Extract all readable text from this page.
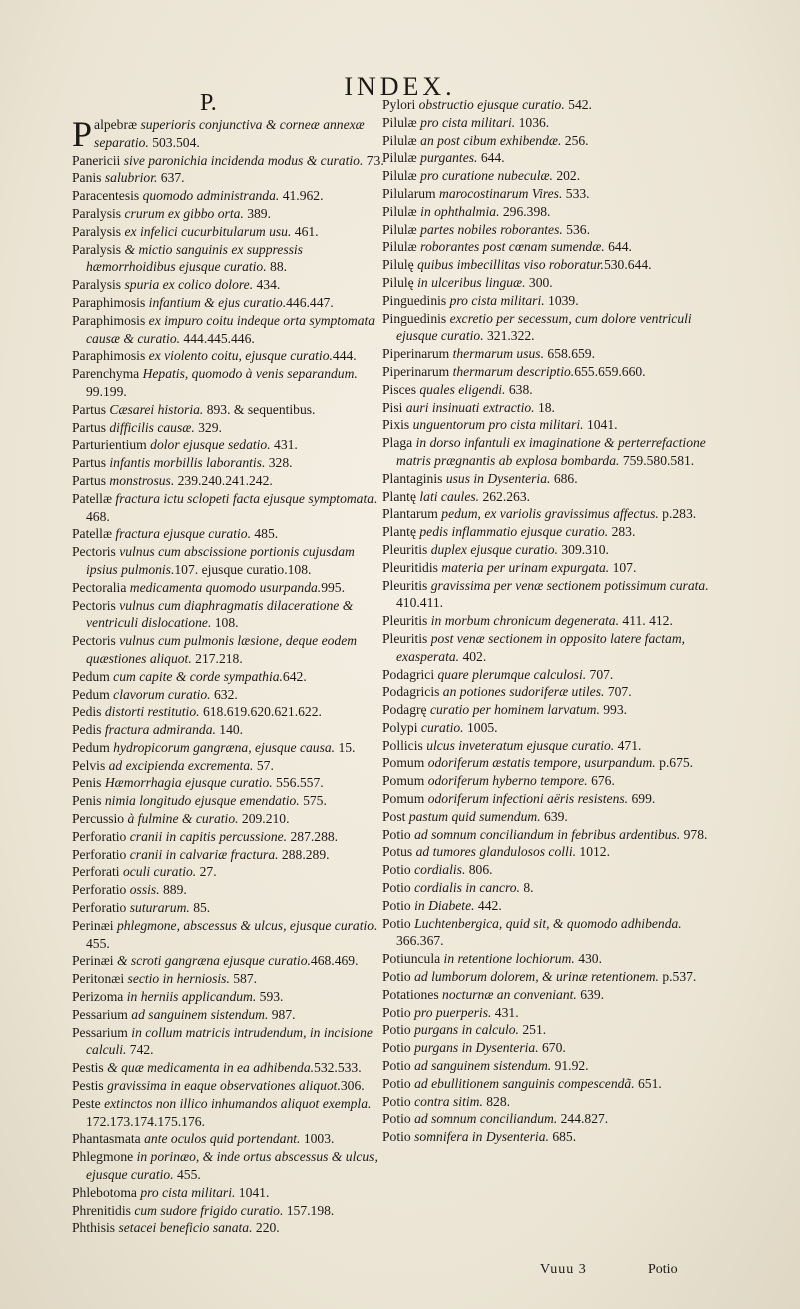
INDEX.
P.

Palpebræ superioris conjunctiva & corneæ annexæ separatio. 503.504.

Panericii sive paronichia incidenda modus & curatio. 73.

Panis salubrior. 637.

Paracentesis quomodo administranda. 41.962.

Paralysis crurum ex gibbo orta. 389.

Paralysis ex infelici cucurbitularum usu. 461.

Paralysis & mictio sanguinis ex suppressis hæmorrhoidibus ejusque curatio. 88.

Paralysis spuria ex colico dolore. 434.

Paraphimosis infantium & ejus curatio.446.447.

Paraphimosis ex impuro coitu indeque orta symptomata causæ & curatio. 444.445.446.

Paraphimosis ex violento coitu, ejusque curatio.444.

Parenchyma Hepatis, quomodo à venis separandum. 99.199.

Partus Cæsarei historia. 893. & sequentibus.

Partus difficilis causæ. 329.

Parturientium dolor ejusque sedatio. 431.

Partus infantis morbillis laborantis. 328.

Partus monstrosus. 239.240.241.242.

Patellæ fractura ictu sclopeti facta ejusque symptomata. 468.

Patellæ fractura ejusque curatio. 485.

Pectoris vulnus cum abscissione portionis cujusdam ipsius pulmonis.107. ejusque curatio.108.

Pectoralia medicamenta quomodo usurpanda.995.

Pectoris vulnus cum diaphragmatis dilaceratione & ventriculi dislocatione. 108.

Pectoris vulnus cum pulmonis læsione, deque eodem quæstiones aliquot. 217.218.

Pedum cum capite & corde sympathia.642.

Pedum clavorum curatio. 632.

Pedis distorti restitutio. 618.619.620.621.622.

Pedis fractura admiranda. 140.

Pedum hydropicorum gangræna, ejusque causa. 15.

Pelvis ad excipienda excrementa. 57.

Penis Hæmorrhagia ejusque curatio. 556.557.

Penis nimia longitudo ejusque emendatio. 575.

Percussio à fulmine & curatio. 209.210.

Perforatio cranii in capitis percussione. 287.288.

Perforatio cranii in calvariæ fractura. 288.289.

Perforati oculi curatio. 27.

Perforatio ossis. 889.

Perforatio suturarum. 85.

Perinæi phlegmone, abscessus & ulcus, ejusque curatio. 455.

Perinæi & scroti gangræna ejusque curatio.468.469.

Peritonæi sectio in herniosis. 587.

Perizoma in herniis applicandum. 593.

Pessarium ad sanguinem sistendum. 987.

Pessarium in collum matricis intrudendum, in incisione calculi. 742.

Pestis & quæ medicamenta in ea adhibenda.532.533.

Pestis gravissima in eaque observationes aliquot.306.

Peste extinctos non illico inhumandos aliquot exempla. 172.173.174.175.176.

Phantasmata ante oculos quid portendant. 1003.

Phlegmone in porinæo, & inde ortus abscessus & ulcus, ejusque curatio. 455.

Phlebotoma pro cista militari. 1041.

Phrenitidis cum sudore frigido curatio. 157.198.

Phthisis setacei beneficio sanata. 220.

Pylori obstructio ejusque curatio. 542.

Pilulæ pro cista militari. 1036.

Pilulæ an post cibum exhibendæ. 256.

Pilulæ purgantes. 644.

Pilulæ pro curatione nubeculæ. 202.

Pilularum marocostinarum Vires. 533.

Pilulæ in ophthalmia. 296.398.

Pilulæ partes nobiles roborantes. 536.

Pilulæ roborantes post cœnam sumendæ. 644.

Pilulę quibus imbecillitas viso roboratur.530.644.

Pilulę in ulceribus linguæ. 300.

Pinguedinis pro cista militari. 1039.

Pinguedinis excretio per secessum, cum dolore ventriculi ejusque curatio. 321.322.

Piperinarum thermarum usus. 658.659.

Piperinarum thermarum descriptio.655.659.660.

Pisces quales eligendi. 638.

Pisi auri insinuati extractio. 18.

Pixis unguentorum pro cista militari. 1041.

Plaga in dorso infantuli ex imaginatione & perterrefactione matris prægnantis ab explosa bombarda. 759.580.581.

Plantaginis usus in Dysenteria. 686.

Plantę lati caules. 262.263.

Plantarum pedum, ex variolis gravissimus affectus. p.283.

Plantę pedis inflammatio ejusque curatio. 283.

Pleuritis duplex ejusque curatio. 309.310.

Pleuritidis materia per urinam expurgata. 107.

Pleuritis gravissima per venæ sectionem potissimum curata. 410.411.

Pleuritis in morbum chronicum degenerata. 411. 412.

Pleuritis post venæ sectionem in opposito latere factam, exasperata. 402.

Podagrici quare plerumque calculosi. 707.

Podagricis an potiones sudoriferæ utiles. 707.

Podagrę curatio per hominem larvatum. 993.

Polypi curatio. 1005.

Pollicis ulcus inveteratum ejusque curatio. 471.

Pomum odoriferum æstatis tempore, usurpandum. p.675.

Pomum odoriferum hyberno tempore. 676.

Pomum odoriferum infectioni aëris resistens. 699.

Post pastum quid sumendum. 639.

Potio ad somnum conciliandum in febribus ardentibus. 978.

Potus ad tumores glandulosos colli. 1012.

Potio cordialis. 806.

Potio cordialis in cancro. 8.

Potio in Diabete. 442.

Potio Luchtenbergica, quid sit, & quomodo adhibenda. 366.367.

Potiuncula in retentione lochiorum. 430.

Potio ad lumborum dolorem, & urinæ retentionem. p.537.

Potationes nocturnæ an conveniant. 639.

Potio pro puerperis. 431.

Potio purgans in calculo. 251.

Potio purgans in Dysenteria. 670.

Potio ad sanguinem sistendum. 91.92.

Potio ad ebullitionem sanguinis compescendã. 651.

Potio contra sitim. 828.

Potio ad somnum conciliandum. 244.827.

Potio somnifera in Dysenteria. 685.

Vuuu 3	Potio
